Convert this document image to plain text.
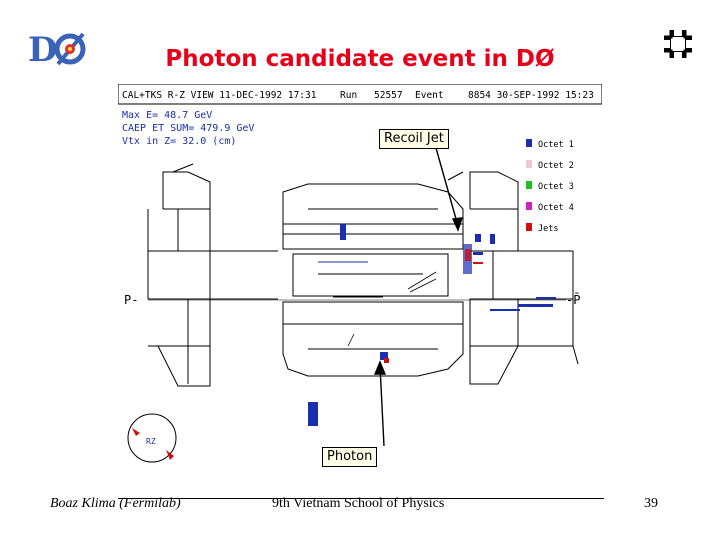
D	Photon candidate event in DØ
CAL+TKS R-Z VIEW 11-DEC-1992 17:31 Run 52557 Event	8854 30-SEP-1992 15:23
Max E= 48.7 GeV
CAEP ET SUM= 479.9 GeV
Vtx in Z= 32.0 (cm)	Octet 1
Octet 2
Octet 3
Octet 4
Jets
P-	-P̄
RZ
Recoil Jet
Photon
Boaz Klima (Fermilab)	9th Vietnam School of Physics	39
